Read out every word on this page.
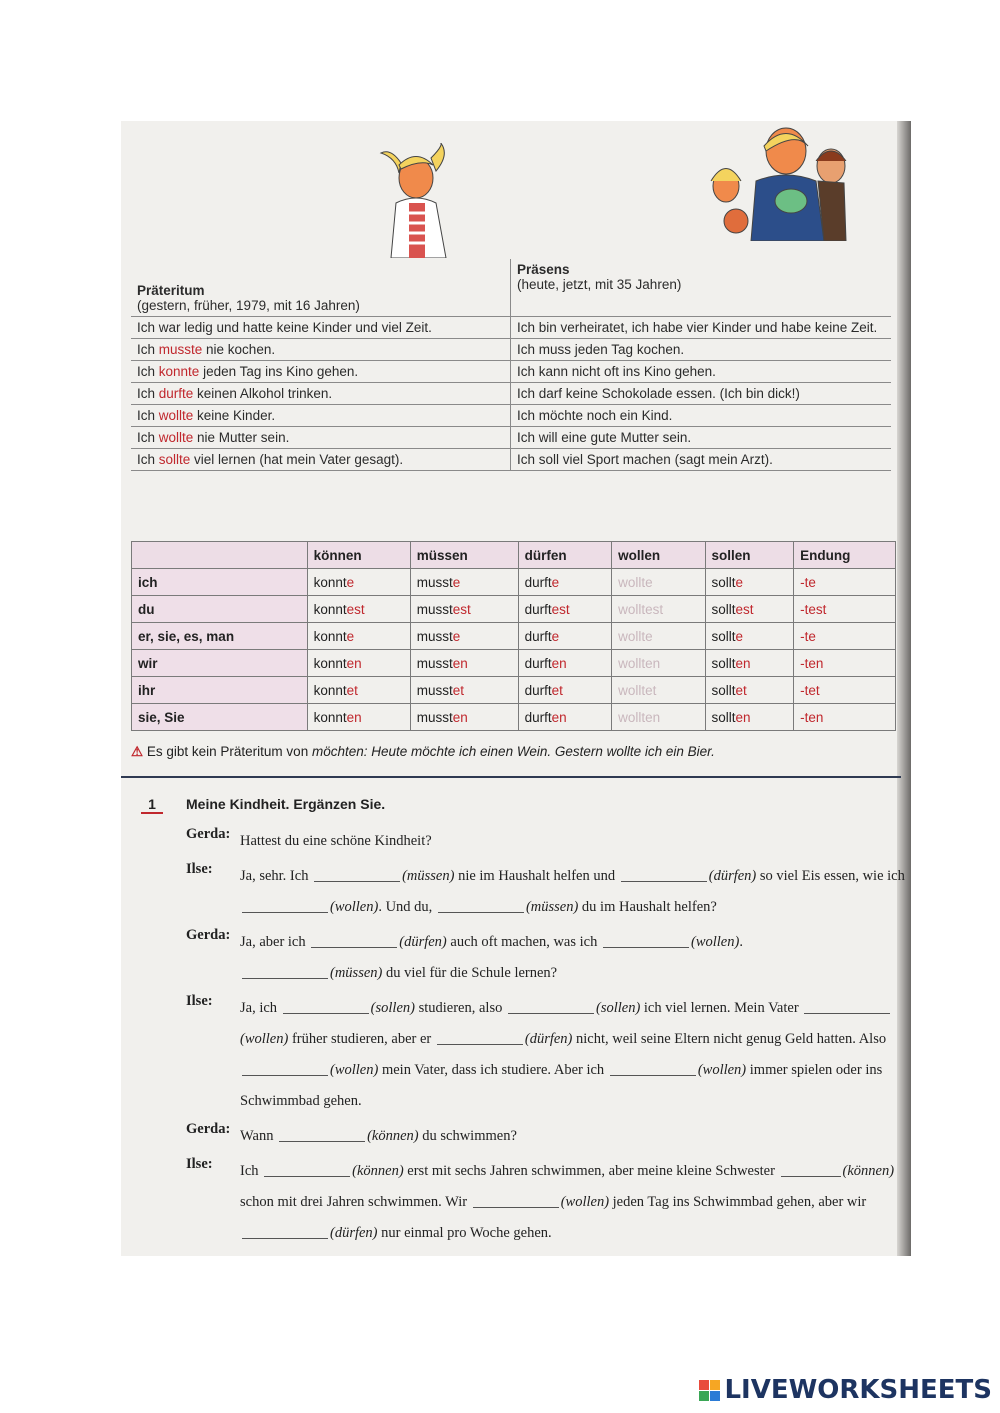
Präteritum
(gestern, früher, 1979, mit 16 Jahren)
Präsens
(heute, jetzt, mit 35 Jahren)
Ich war ledig und hatte keine Kinder und viel Zeit.	Ich bin verheiratet, ich habe vier Kinder und habe keine Zeit.
Ich musste nie kochen.	Ich muss jeden Tag kochen.
Ich konnte jeden Tag ins Kino gehen.	Ich kann nicht oft ins Kino gehen.
Ich durfte keinen Alkohol trinken.	Ich darf keine Schokolade essen. (Ich bin dick!)
Ich wollte keine Kinder.	Ich möchte noch ein Kind.
Ich wollte nie Mutter sein.	Ich will eine gute Mutter sein.
Ich sollte viel lernen (hat mein Vater gesagt).	Ich soll viel Sport machen (sagt mein Arzt).
	können	müssen	dürfen	wollen	sollen	Endung
ich	konnte	musste	durfte	wollte	sollte	-te
du	konntest	musstest	durftest	wolltest	solltest	-test
er, sie, es, man	konnte	musste	durfte	wollte	sollte	-te
wir	konnten	mussten	durften	wollten	sollten	-ten
ihr	konntet	musstet	durftet	wolltet	solltet	-tet
sie, Sie	konnten	mussten	durften	wollten	sollten	-ten
⚠ Es gibt kein Präteritum von möchten: Heute möchte ich einen Wein. Gestern wollte ich ein Bier.
1	Meine Kindheit. Ergänzen Sie.
Gerda: Hattest du eine schöne Kindheit?
Ilse:	Ja, sehr. Ich	(müssen) nie im Haushalt helfen und	(dürfen) so viel Eis essen, wie ich (wollen). Und du,	(müssen) du im Haushalt helfen?
Gerda: Ja, aber ich	(dürfen) auch oft machen, was ich	(wollen).
(müssen) du viel für die Schule lernen?
Ilse:	Ja, ich	(sollen) studieren, also	(sollen) ich viel lernen. Mein Vater (wollen) früher studieren, aber er	(dürfen) nicht, weil seine Eltern nicht genug Geld hatten. Also (wollen) mein Vater, dass ich studiere. Aber ich	(wollen) immer spielen oder ins Schwimmbad gehen.
Gerda: Wann	(können) du schwimmen?
Ilse:	Ich	(können) erst mit sechs Jahren schwimmen, aber meine kleine Schwester	(können) schon mit drei Jahren schwimmen. Wir	(wollen) jeden Tag ins Schwimmbad gehen, aber wir (dürfen) nur einmal pro Woche gehen.
LIVEWORKSHEETS
